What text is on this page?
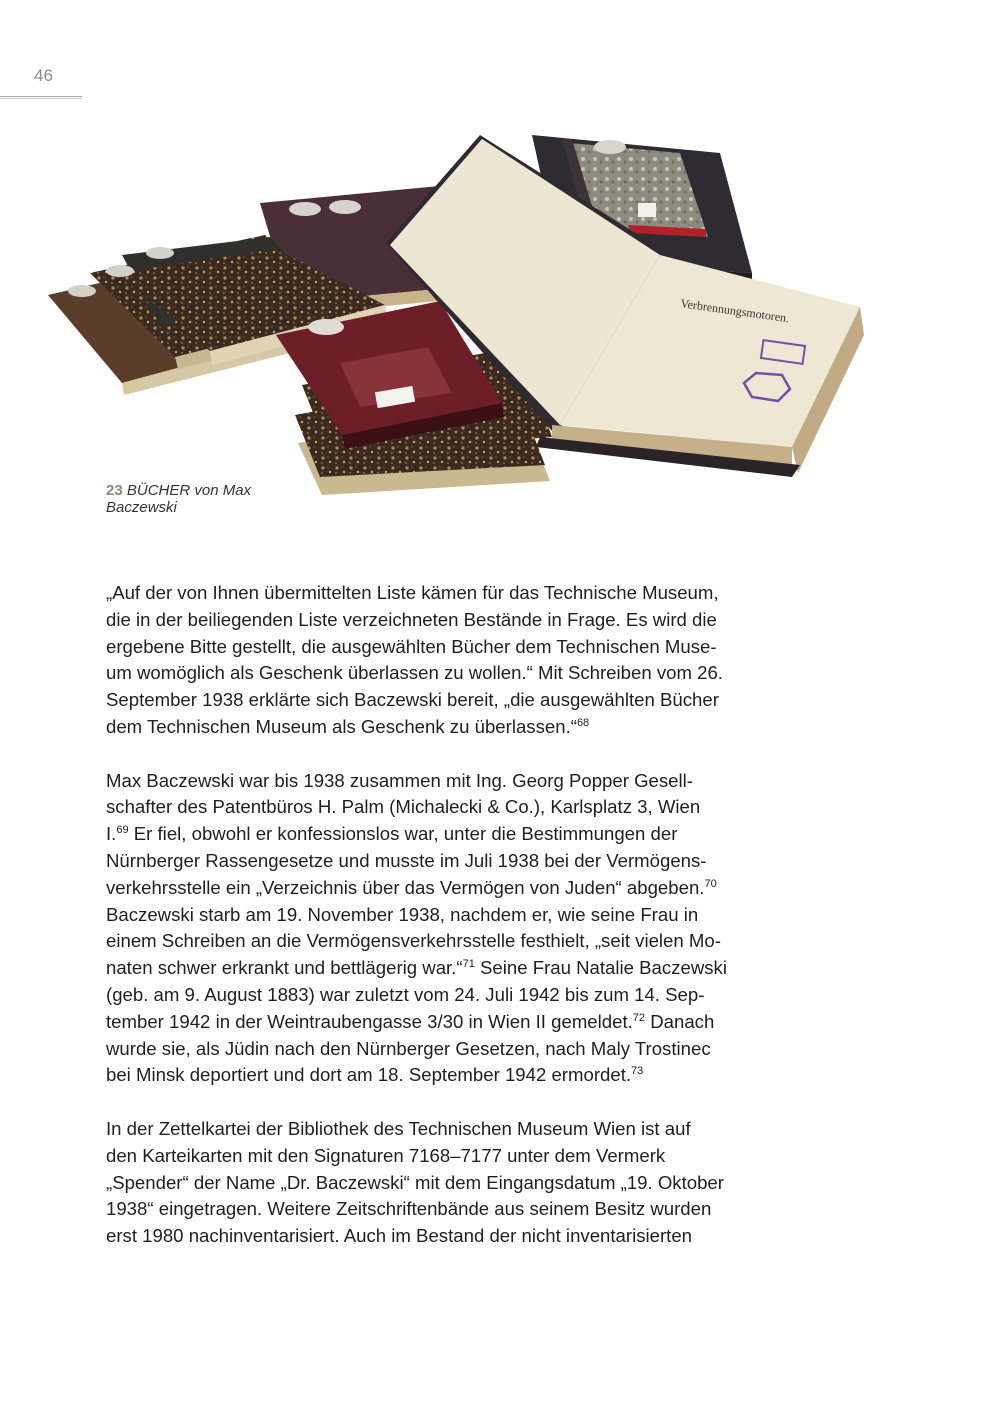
46
Verbrennungsmotoren.
23 BÜCHER von Max
Baczewski

„Auf der von Ihnen übermittelten Liste kämen für das Technische Museum,
die in der beiliegenden Liste verzeichneten Bestände in Frage. Es wird die
ergebene Bitte gestellt, die ausgewählten Bücher dem Technischen Muse-
um womöglich als Geschenk überlassen zu wollen.“ Mit Schreiben vom 26.
September 1938 erklärte sich Baczewski bereit, „die ausgewählten Bücher
dem Technischen Museum als Geschenk zu überlassen.“$^{68}$

Max Baczewski war bis 1938 zusammen mit Ing. Georg Popper Gesell-
schafter des Patentbüros H. Palm (Michalecki & Co.), Karlsplatz 3, Wien
I.$^{69}$ Er fiel, obwohl er konfessionslos war, unter die Bestimmungen der
Nürnberger Rassengesetze und musste im Juli 1938 bei der Vermögens-
verkehrsstelle ein „Verzeichnis über das Vermögen von Juden“ abgeben.$^{70}$
Baczewski starb am 19. November 1938, nachdem er, wie seine Frau in
einem Schreiben an die Vermögensverkehrsstelle festhielt, „seit vielen Mo-
naten schwer erkrankt und bettlägerig war.“$^{71}$ Seine Frau Natalie Baczewski
(geb. am 9. August 1883) war zuletzt vom 24. Juli 1942 bis zum 14. Sep-
tember 1942 in der Weintraubengasse 3/30 in Wien II gemeldet.$^{72}$ Danach
wurde sie, als Jüdin nach den Nürnberger Gesetzen, nach Maly Trostinec
bei Minsk deportiert und dort am 18. September 1942 ermordet.$^{73}$

In der Zettelkartei der Bibliothek des Technischen Museum Wien ist auf
den Karteikarten mit den Signaturen 7168–7177 unter dem Vermerk
„Spender“ der Name „Dr. Baczewski“ mit dem Eingangsdatum „19. Oktober
1938“ eingetragen. Weitere Zeitschriftenbände aus seinem Besitz wurden
erst 1980 nachinventarisiert. Auch im Bestand der nicht inventarisierten
